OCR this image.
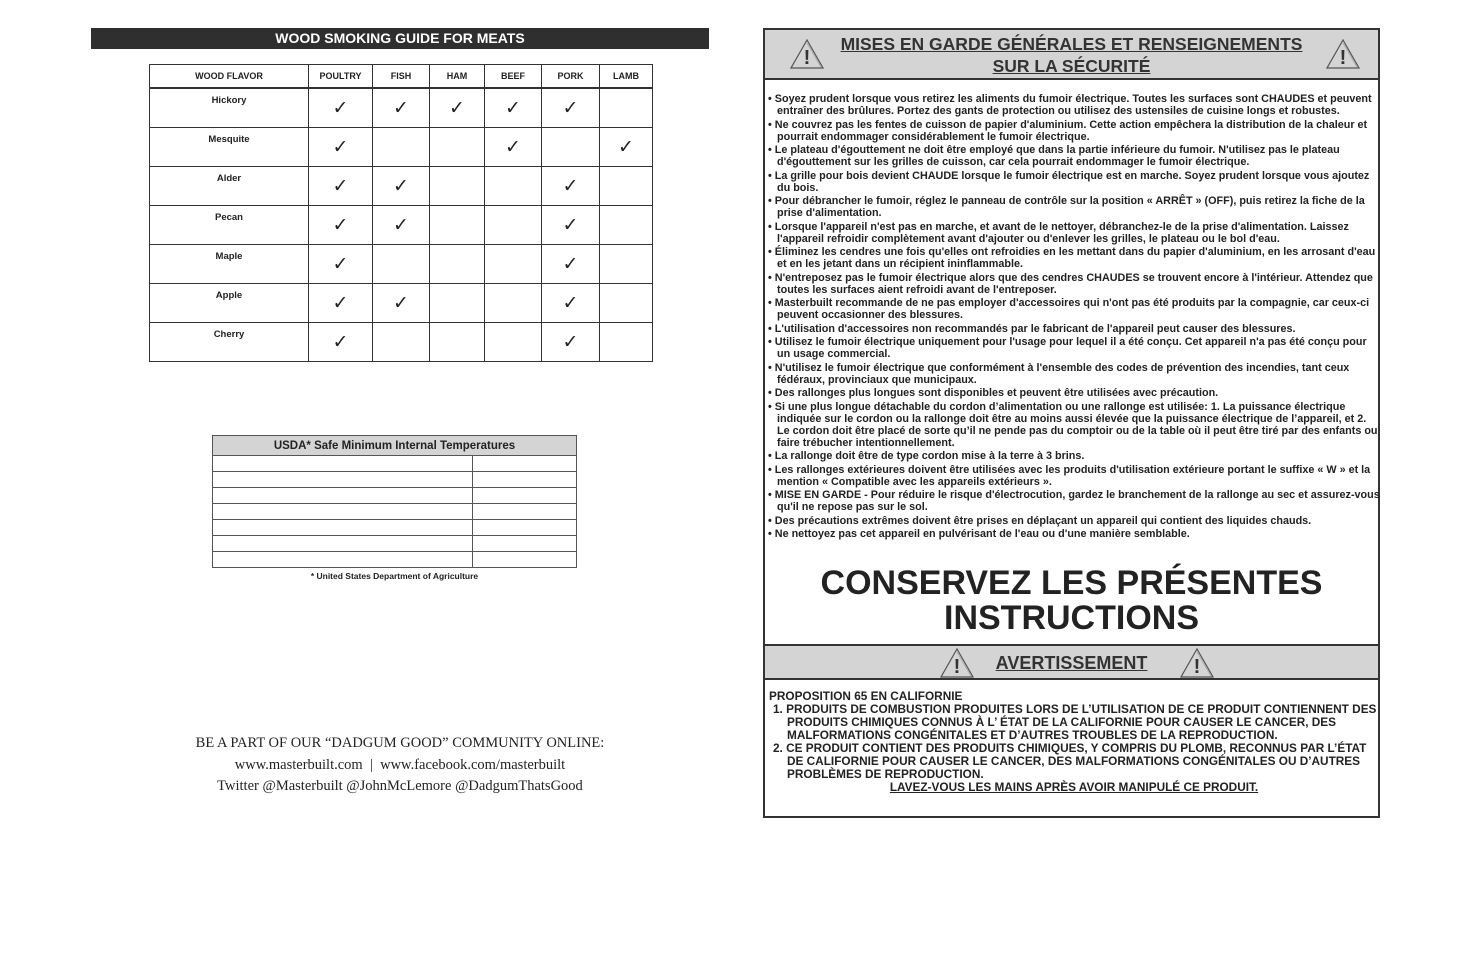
WOOD SMOKING GUIDE FOR MEATS
WOOD FLAVOR	POULTRY	FISH	HAM	BEEF	PORK	LAMB
Hickory	✓	✓	✓	✓	✓	
Mesquite	✓			✓		✓
Alder	✓	✓			✓	
Pecan	✓	✓			✓	
Maple	✓				✓	
Apple	✓	✓			✓	
Cherry	✓				✓	
USDA* Safe Minimum Internal Temperatures	

* United States Department of Agriculture
BE A PART OF OUR “DADGUM GOOD” COMMUNITY ONLINE:
www.masterbuilt.com  |  www.facebook.com/masterbuilt
Twitter @Masterbuilt @JohnMcLemore @DadgumThatsGood
MISES EN GARDE GÉNÉRALES ET RENSEIGNEMENTS
SUR LA SÉCURITÉ
!	!
• Soyez prudent lorsque vous retirez les aliments du fumoir électrique. Toutes les surfaces sont CHAUDES et peuvent entraîner des brûlures. Portez des gants de protection ou utilisez des ustensiles de cuisine longs et robustes.
• Ne couvrez pas les fentes de cuisson de papier d'aluminium. Cette action empêchera la distribution de la chaleur et pourrait endommager considérablement le fumoir électrique.
• Le plateau d'égouttement ne doit être employé que dans la partie inférieure du fumoir. N'utilisez pas le plateau d'égouttement sur les grilles de cuisson, car cela pourrait endommager le fumoir électrique.
• La grille pour bois devient CHAUDE lorsque le fumoir électrique est en marche. Soyez prudent lorsque vous ajoutez du bois.
• Pour débrancher le fumoir, réglez le panneau de contrôle sur la position « ARRÊT » (OFF), puis retirez la fiche de la prise d'alimentation.
• Lorsque l'appareil n'est pas en marche, et avant de le nettoyer, débranchez-le de la prise d'alimentation. Laissez l'appareil refroidir complètement avant d'ajouter ou d'enlever les grilles, le plateau ou le bol d'eau.
• Éliminez les cendres une fois qu'elles ont refroidies en les mettant dans du papier d'aluminium, en les arrosant d'eau et en les jetant dans un récipient ininflammable.
• N'entreposez pas le fumoir électrique alors que des cendres CHAUDES se trouvent encore à l'intérieur. Attendez que toutes les surfaces aient refroidi avant de l'entreposer.
• Masterbuilt recommande de ne pas employer d'accessoires qui n'ont pas été produits par la compagnie, car ceux-ci peuvent occasionner des blessures.
• L'utilisation d'accessoires non recommandés par le fabricant de l'appareil peut causer des blessures.
• Utilisez le fumoir électrique uniquement pour l'usage pour lequel il a été conçu. Cet appareil n'a pas été conçu pour un usage commercial.
• N'utilisez le fumoir électrique que conformément à l'ensemble des codes de prévention des incendies, tant ceux fédéraux, provinciaux que municipaux.
• Des rallonges plus longues sont disponibles et peuvent être utilisées avec précaution.
• Si une plus longue détachable du cordon d’alimentation ou une rallonge est utilisée: 1. La puissance électrique indiquée sur le cordon ou la rallonge doit être au moins aussi élevée que la puissance électrique de l’appareil, et 2. Le cordon doit être placé de sorte qu’il ne pende pas du comptoir ou de la table où il peut être tiré par des enfants ou faire trébucher intentionnellement.
• La rallonge doit être de type cordon mise à la terre à 3 brins.
• Les rallonges extérieures doivent être utilisées avec les produits d'utilisation extérieure portant le suffixe « W » et la mention « Compatible avec les appareils extérieurs ».
• MISE EN GARDE - Pour réduire le risque d'électrocution, gardez le branchement de la rallonge au sec et assurez-vous qu'il ne repose pas sur le sol.
• Des précautions extrêmes doivent être prises en déplaçant un appareil qui contient des liquides chauds.
• Ne nettoyez pas cet appareil en pulvérisant de l'eau ou d'une manière semblable.
CONSERVEZ LES PRÉSENTES
INSTRUCTIONS
AVERTISSEMENT
!	!
PROPOSITION 65 EN CALIFORNIE
1. PRODUITS DE COMBUSTION PRODUITES LORS DE L’UTILISATION DE CE PRODUIT CONTIENNENT DES PRODUITS CHIMIQUES CONNUS À L’ ÉTAT DE LA CALIFORNIE POUR CAUSER LE CANCER, DES MALFORMATIONS CONGÉNITALES ET D’AUTRES TROUBLES DE LA REPRODUCTION.
2. CE PRODUIT CONTIENT DES PRODUITS CHIMIQUES, Y COMPRIS DU PLOMB, RECONNUS PAR L’ÉTAT DE CALIFORNIE POUR CAUSER LE CANCER, DES MALFORMATIONS CONGÉNITALES OU D’AUTRES PROBLÈMES DE REPRODUCTION.
LAVEZ-VOUS LES MAINS APRÈS AVOIR MANIPULÉ CE PRODUIT.
